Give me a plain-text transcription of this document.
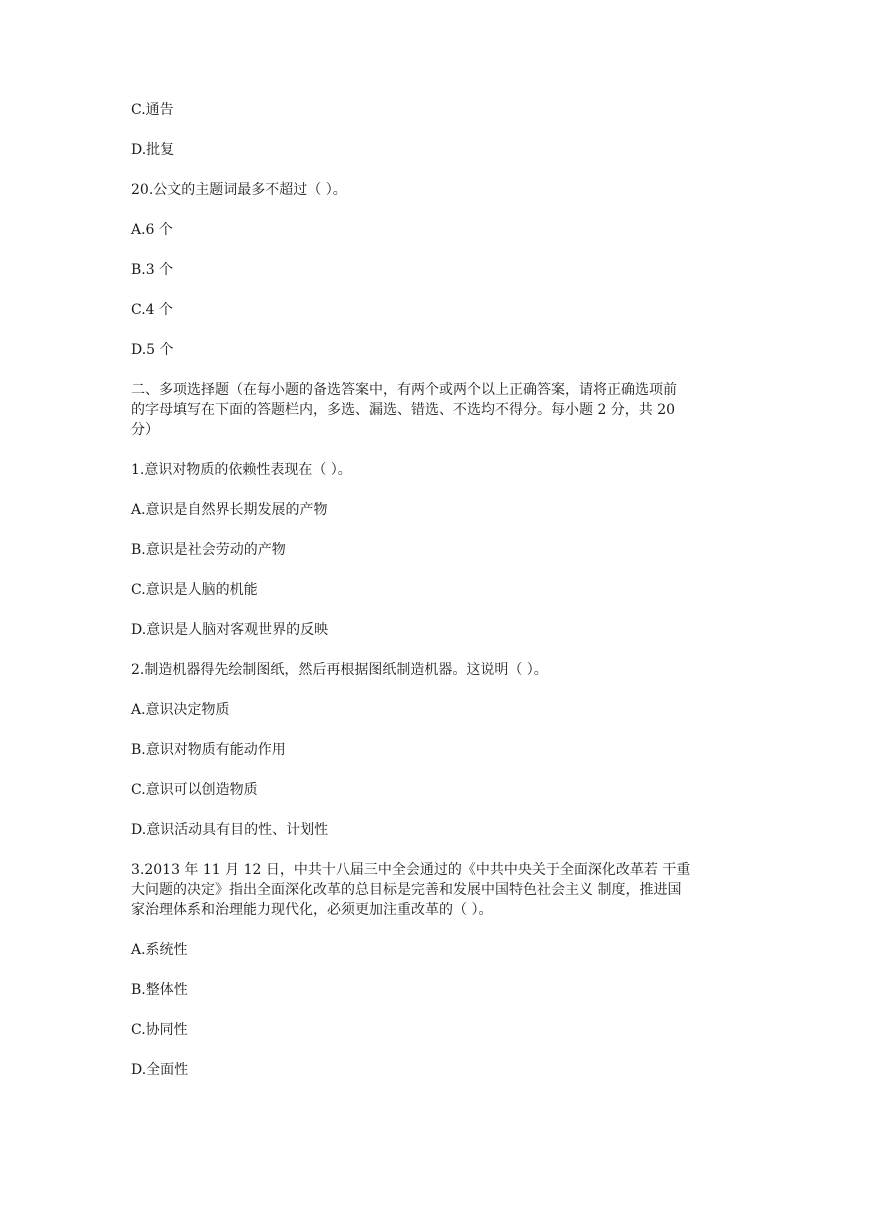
C.通告
D.批复
20.公文的主题词最多不超过（ ）。
A.6 个
B.3 个
C.4 个
D.5 个
二、多项选择题（在每小题的备选答案中，有两个或两个以上正确答案，请将正确选项前
的字母填写在下面的答题栏内，多选、漏选、错选、不选均不得分。每小题 2 分，共 20
分）
1.意识对物质的依赖性表现在（ ）。
A.意识是自然界长期发展的产物
B.意识是社会劳动的产物
C.意识是人脑的机能
D.意识是人脑对客观世界的反映
2.制造机器得先绘制图纸，然后再根据图纸制造机器。这说明（ ）。
A.意识决定物质
B.意识对物质有能动作用
C.意识可以创造物质
D.意识活动具有目的性、计划性
3.2013 年 11 月 12 日，中共十八届三中全会通过的《中共中央关于全面深化改革若 干重
大问题的决定》指出全面深化改革的总目标是完善和发展中国特色社会主义 制度，推进国
家治理体系和治理能力现代化，必须更加注重改革的（ ）。
A.系统性
B.整体性
C.协同性
D.全面性
